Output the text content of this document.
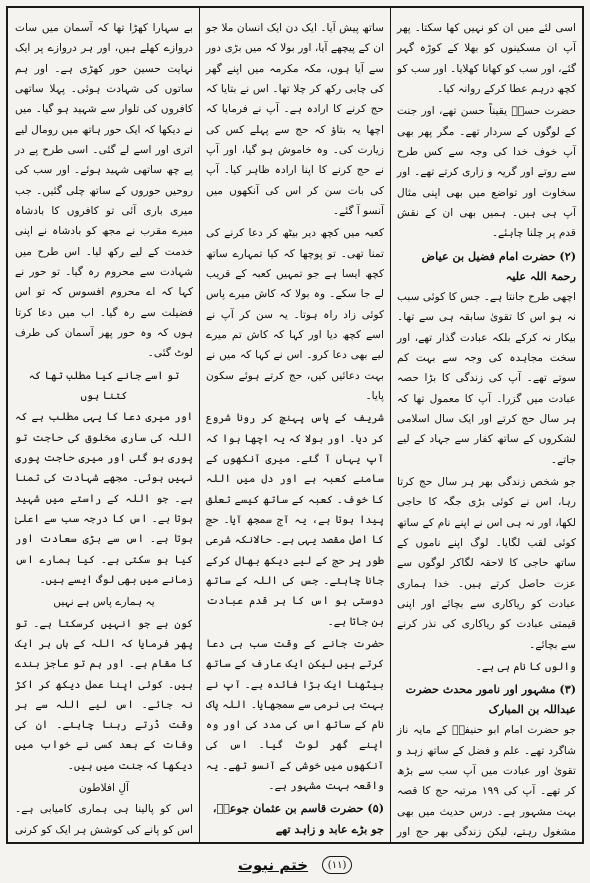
اسی لئے میں ان کو نہیں کھا سکتا۔ پھر آپ ان مسکینوں کو بھلا کے کوڑہ گہر گئے، اور سب کو کھانا کھلایا۔ اور سب کو کچھ درہم عطا کرکے روانہ کیا۔

حضرت حسنؓ یقیناً حسن تھے، اور جنت کے لوگوں کے سردار تھے۔ مگر پھر بھی آپ خوف خدا کی وجہ سے کس طرح سے روتے اور گریہ و زاری کرتے تھے۔ اور سخاوت اور تواضع میں بھی اپنی مثال آپ ہی ہیں۔ ہمیں بھی ان کے نقش قدم پر چلنا چاہئے۔

(۲) حضرت امام فضیل بن عیاض رحمۃ اللہ علیہ

اچھی طرح جانتا ہے۔ جس کا کوئی سبب نہ ہو اس کا تقویٰ سابقہ ہی سے تھا۔ بیکار نہ کرکے بلکہ عبادت گذار تھے، اور سخت مجاہدہ کی وجہ سے بہت کم سوتے تھے۔ آپ کی زندگی کا بڑا حصہ عبادت میں گزرا۔ آپ کا معمول تھا کہ ہر سال حج کرتے اور ایک سال اسلامی لشکروں کے ساتھ کفار سے جہاد کے لیے جاتے۔

جو شخص زندگی بھر ہر سال حج کرتا رہا، اس نے کوئی بڑی جگہ کا حاجی لکھا، اور نہ ہی اس نے اپنے نام کے ساتھ کوئی لقب لگایا۔ لوگ اپنے ناموں کے ساتھ حاجی کا لاحقہ لگاکر لوگوں سے عزت حاصل کرتے ہیں۔ خدا ہماری عبادت کو ریاکاری سے بچائے اور اپنی قیمتی عبادت کو ریاکاری کی نذر کرنے سے بچائے۔

والوں کا نام ہی ہے۔

(۳) مشہور اور نامور محدث حضرت عبداللہ بن المبارک

جو حضرت امام ابو حنیفہؒ کے مایہ ناز شاگرد تھے۔ علم و فضل کے ساتھ زہد و تقویٰ اور عبادت میں آپ سب سے بڑھ کر تھے۔ آپ کی ۱۹۹ مرتبہ حج کا قصہ بہت مشہور ہے۔ درس حدیث میں بھی مشغول رہتے، لیکن زندگی بھر حج اور

ساتھ پیش آیا۔ ایک دن ایک انسان ملا جو ان کے پیچھے آیا، اور بولا کہ میں بڑی دور سے آیا ہوں، مکہ مکرمہ میں اپنے گھر کی چابی رکھ کر چلا تھا۔ اس نے بتایا کہ حج کرنے کا ارادہ ہے۔ آپ نے فرمایا کہ اچھا یہ بتاؤ کہ حج سے پہلے کس کی زیارت کی۔ وہ خاموش ہو گیا، اور آپ نے حج کرنے کا اپنا ارادہ ظاہر کیا۔ آپ کی بات سن کر اس کی آنکھوں میں آنسو آ گئے۔

کعبہ میں کچھ دیر بیٹھ کر دعا کرنے کی تمنا تھی۔ تو پوچھا کہ کیا تمہارے ساتھ کچھ ایسا ہے جو تمہیں کعبہ کے قریب لے جا سکے۔ وہ بولا کہ کاش میرے پاس کوئی زاد راہ ہوتا۔ یہ سن کر آپ نے اسے کچھ دیا اور کہا کہ کاش تم میرے لیے بھی دعا کرو۔ اس نے کہا کہ میں نے بہت دعائیں کیں، حج کرتے ہوئے سکون پایا۔

شریف کے پاس پہنچ کر رونا شروع کر دیا۔ اور بولا کہ یہ اچھا ہوا کہ آپ یہاں آ گئے۔ میری آنکھوں کے سامنے کعبہ ہے اور دل میں اللہ کا خوف۔ کعبہ کے ساتھ کیسے تعلق پیدا ہوتا ہے، یہ آج سمجھ آیا۔ حج کا اصل مقصد یہی ہے۔ حالانکہ شرعی طور پر حج کے لیے دیکھ بھال کرکے جانا چاہئے۔ جس کی اللہ کے ساتھ دوستی ہو اس کا ہر قدم عبادت بن جاتا ہے۔

حضرت جانے کے وقت سب ہی دعا کرتے ہیں لیکن ایک عارف کے ساتھ بیٹھنا ایک بڑا فائدہ ہے۔ آپ نے بہت ہی نرمی سے سمجھایا۔ اللہ پاک نام کے ساتھ اس کی مدد کی اور وہ اپنے گھر لوٹ گیا۔ اس کی آنکھوں میں خوشی کے آنسو تھے۔ یہ واقعہ بہت مشہور ہے۔

(۵) حضرت قاسم بن عثمان جوعیؒ، جو بڑے عابد و زاہد تھے

بے سہارا کھڑا تھا کہ آسمان میں سات دروازے کھلے ہیں، اور ہر دروازے پر ایک نہایت حسین حور کھڑی ہے۔ اور ہم ساتوں کی شہادت ہوئی۔ پہلا ساتھی کافروں کی تلوار سے شہید ہو گیا۔ میں نے دیکھا کہ ایک حور ہاتھ میں رومال لیے اتری اور اسے لے گئی۔ اسی طرح پے در پے چھ ساتھی شہید ہوئے۔ اور سب کی روحیں حوروں کے ساتھ چلی گئیں۔ جب میری باری آئی تو کافروں کا بادشاہ میرے مقرب نے مجھ کو بادشاہ نے اپنی خدمت کے لیے رکھ لیا۔ اس طرح میں شہادت سے محروم رہ گیا۔ تو حور نے کہا کہ اے محروم افسوس کہ تو اس فضیلت سے رہ گیا۔ اب میں دعا کرتا ہوں کہ وہ حور پھر آسمان کی طرف لوٹ گئی۔

تو اسے جانے کیا مطلب تھا کہ کتنا ہوں

اور میری دعا کا یہی مطلب ہے کہ اللہ کی ساری مخلوق کی حاجت تو پوری ہو گئی اور میری حاجت پوری نہیں ہوئی۔ مجھے شہادت کی تمنا ہے۔ جو اللہ کے راستے میں شہید ہوتا ہے۔ اس کا درجہ سب سے اعلیٰ ہوتا ہے۔ اس سے بڑی سعادت اور کیا ہو سکتی ہے۔ کیا ہمارے اس زمانے میں بھی لوگ ایسے ہیں۔

یہ ہمارے پاس ہے نہیں

کون ہے جو انہیں کرسکتا ہے۔ تو پھر فرمایا کہ اللہ کے ہاں ہر ایک کا مقام ہے۔ اور ہم تو عاجز بندے ہیں۔ کوئی اپنا عمل دیکھ کر اکڑ نہ جائے۔ اس لیے اللہ سے ہر وقت ڈرتے رہنا چاہئے۔ ان کی وفات کے بعد کسی نے خواب میں دیکھا کہ جنت میں ہیں۔

آلِ افلاطون

اس کو پالینا ہی ہماری کامیابی ہے۔ اس کو پانے کی کوشش ہر ایک کو کرنی

(۱۱)
ختم نبوت
